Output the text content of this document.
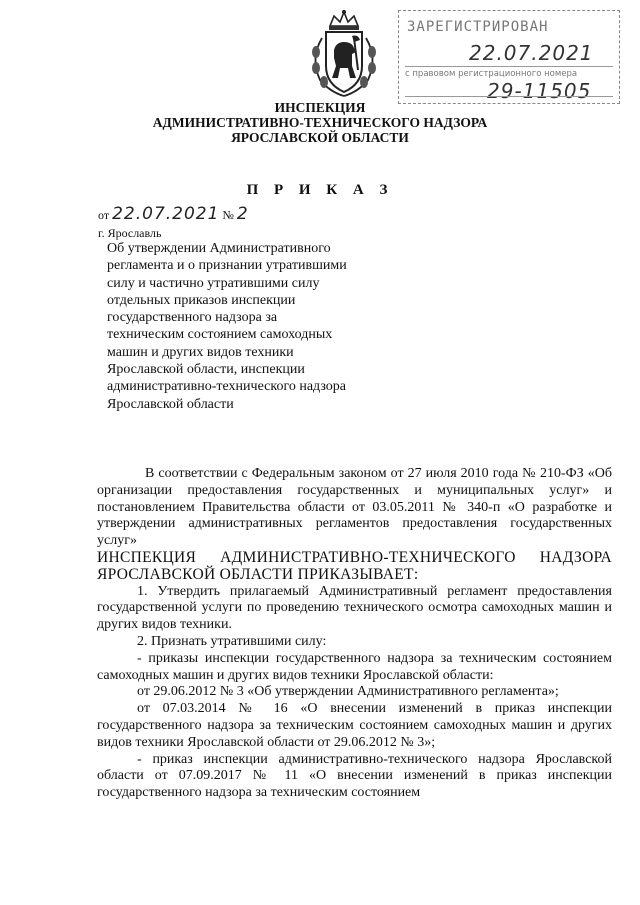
ЗАРЕГИСТРИРОВАН
22.07.2021
с правовом регистрационного номера
29-11505
ИНСПЕКЦИЯ
АДМИНИСТРАТИВНО-ТЕХНИЧЕСКОГО НАДЗОРА
ЯРОСЛАВСКОЙ ОБЛАСТИ
П Р И К А З
от 22.07.2021 № 2
г. Ярославль
Об утверждении Административного регламента и о признании утратившими силу и частично утратившими силу отдельных приказов инспекции государственного надзора за техническим состоянием самоходных машин и других видов техники Ярославской области, инспекции административно-технического надзора Ярославской области

В соответствии с Федеральным законом от 27 июля 2010 года № 210-ФЗ «Об организации предоставления государственных и муниципальных услуг» и постановлением Правительства области от 03.05.2011 № 340-п «О разработке и утверждении административных регламентов предоставления государственных услуг»

ИНСПЕКЦИЯ АДМИНИСТРАТИВНО-ТЕХНИЧЕСКОГО НАДЗОРА ЯРОСЛАВСКОЙ ОБЛАСТИ ПРИКАЗЫВАЕТ:

1. Утвердить прилагаемый Административный регламент предоставления государственной услуги по проведению технического осмотра самоходных машин и других видов техники.

2. Признать утратившими силу:

- приказы инспекции государственного надзора за техническим состоянием самоходных машин и других видов техники Ярославской области:

от 29.06.2012 № 3 «Об утверждении Административного регламента»;

от 07.03.2014 № 16 «О внесении изменений в приказ инспекции государственного надзора за техническим состоянием самоходных машин и других видов техники Ярославской области от 29.06.2012 № 3»;

- приказ инспекции административно-технического надзора Ярославской области от 07.09.2017 № 11 «О внесении изменений в приказ инспекции государственного надзора за техническим состоянием
